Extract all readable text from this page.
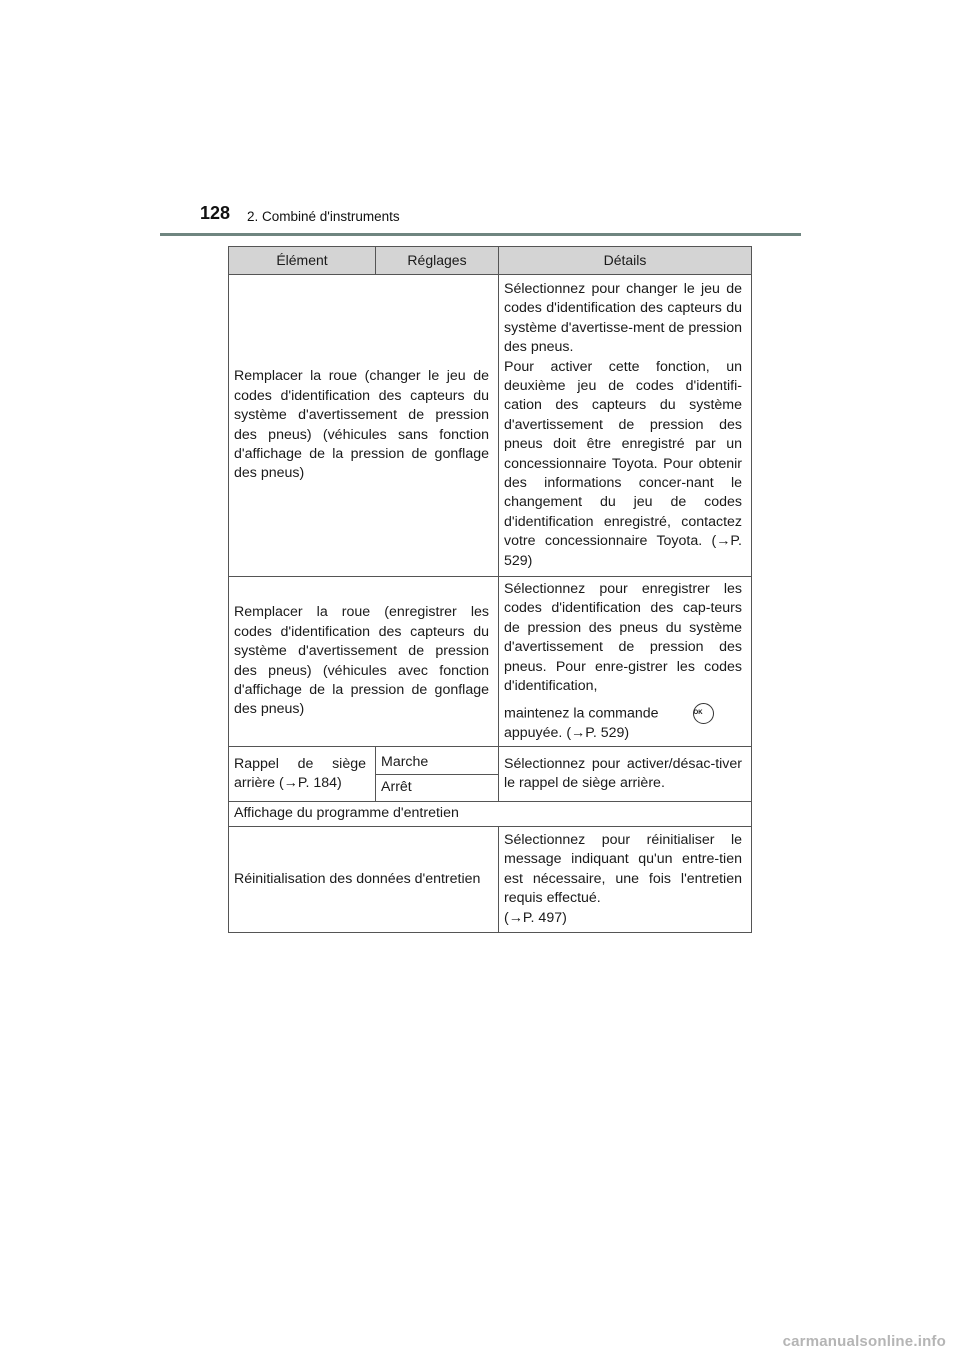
128 2. Combiné d'instruments
Élément	Réglages	Détails
Remplacer la roue (changer le jeu de codes d'identification des capteurs du système d'avertissement de pression des pneus) (véhicules sans fonction d'affichage de la pression de gonflage des pneus)		Sélectionnez pour changer le jeu de codes d'identification des capteurs du système d'avertisse-ment de pression des pneus.
Pour activer cette fonction, un deuxième jeu de codes d'identifi-cation des capteurs du système d'avertissement de pression des pneus doit être enregistré par un concessionnaire Toyota. Pour obtenir des informations concer-nant le changement du jeu de codes d'identification enregistré, contactez votre concessionnaire Toyota. (→P. 529)

Remplacer la roue (enregistrer les codes d'identification des capteurs du système d'avertissement de pression des pneus) (véhicules avec fonction d'affichage de la pression de gonflage des pneus)		Sélectionnez pour enregistrer les codes d'identification des cap-teurs de pression des pneus du système d'avertissement de pression des pneus. Pour enre-gistrer les codes d'identification,
maintenez la commande OK
appuyée. (→P. 529)

Rappel de siège arrière (→P. 184)	Marche	Sélectionnez pour activer/désac-tiver le rappel de siège arrière.
	Arrêt	
Affichage du programme d'entretien		
Réinitialisation des données d'entretien		Sélectionnez pour réinitialiser le message indiquant qu'un entre-tien est nécessaire, une fois l'entretien requis effectué.
(→P. 497)
carmanualsonline.info
